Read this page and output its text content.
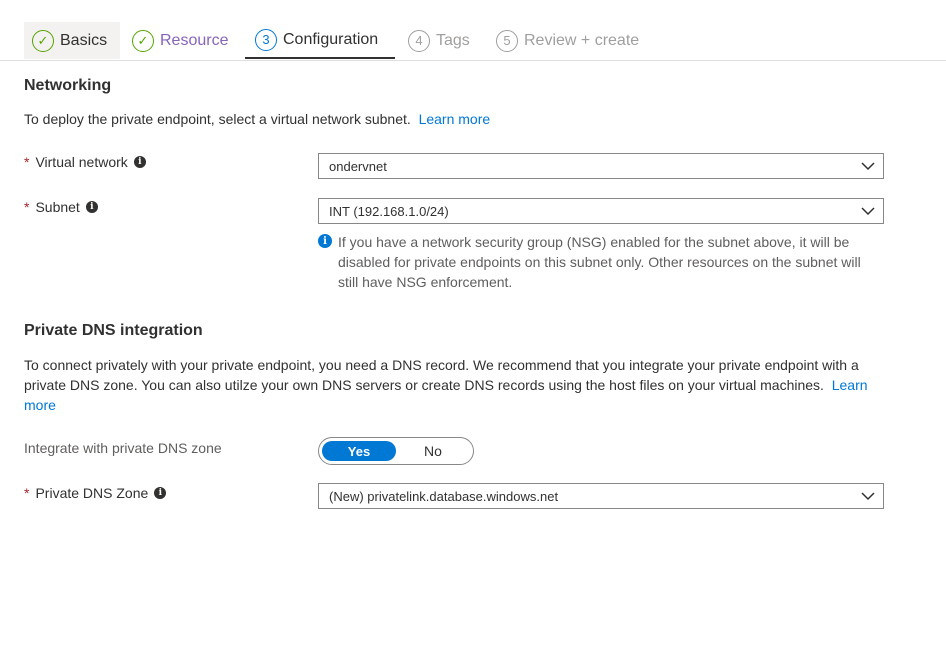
✓ Basics	✓ Resource	3 Configuration	4 Tags	5 Review + create
Networking
To deploy the private endpoint, select a virtual network subnet. Learn more
* Virtual network	i	ondervnet
* Subnet	i	INT (192.168.1.0/24)
i If you have a network security group (NSG) enabled for the subnet above, it will be disabled for private endpoints on this subnet only. Other resources on the subnet will still have NSG enforcement.
Private DNS integration
To connect privately with your private endpoint, you need a DNS record. We recommend that you integrate your private endpoint with a private DNS zone. You can also utilze your own DNS servers or create DNS records using the host files on your virtual machines. Learn more
Integrate with private DNS zone	Yes	No
* Private DNS Zone	i	(New) privatelink.database.windows.net
